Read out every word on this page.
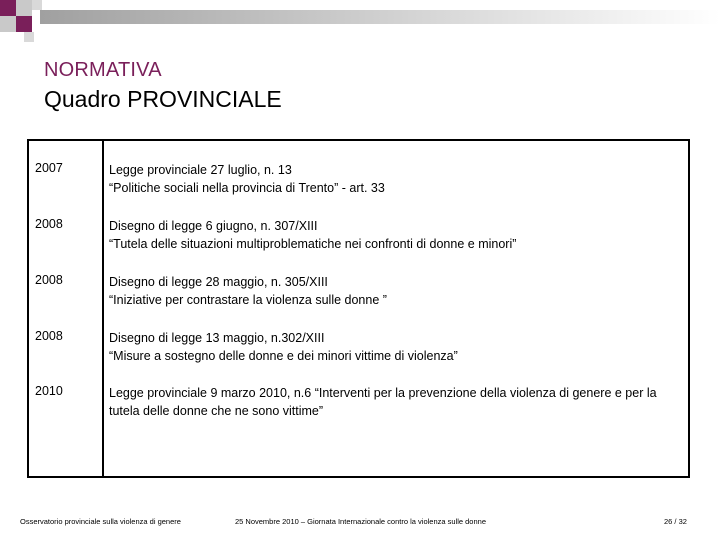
NORMATIVA
Quadro PROVINCIALE
2007	Legge provinciale 27 luglio, n. 13
“Politiche sociali nella provincia di Trento” - art. 33
2008	Disegno di legge 6 giugno, n. 307/XIII
“Tutela delle situazioni multiproblematiche nei confronti di donne e minori”
2008	Disegno di legge 28 maggio, n. 305/XIII
“Iniziative per contrastare la violenza sulle donne ”
2008	Disegno di legge 13 maggio, n.302/XIII
“Misure a sostegno delle donne e dei minori vittime di violenza”
2010	Legge provinciale 9 marzo 2010, n.6 “Interventi per la prevenzione della violenza di genere e per la
tutela delle donne che ne sono vittime”
Osservatorio provinciale sulla violenza di genere	25 Novembre 2010 – Giornata Internazionale contro la violenza sulle donne	26 / 32
